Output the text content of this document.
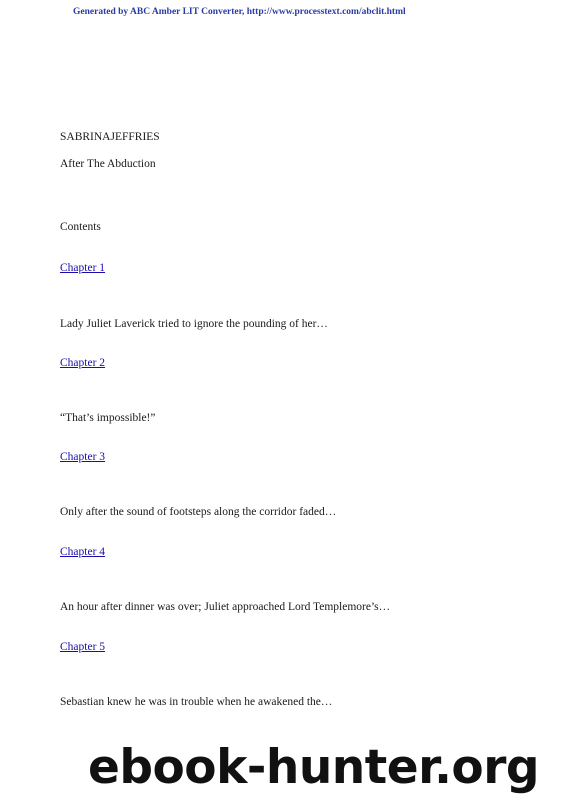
Generated by ABC Amber LIT Converter, http://www.processtext.com/abclit.html
SABRINAJEFFRIES
After The Abduction
Contents
Chapter 1
Lady Juliet Laverick tried to ignore the pounding of her…
Chapter 2
“That’s impossible!”
Chapter 3
Only after the sound of footsteps along the corridor faded…
Chapter 4
An hour after dinner was over; Juliet approached Lord Templemore’s…
Chapter 5
Sebastian knew he was in trouble when he awakened the…
ebook-hunter.org
